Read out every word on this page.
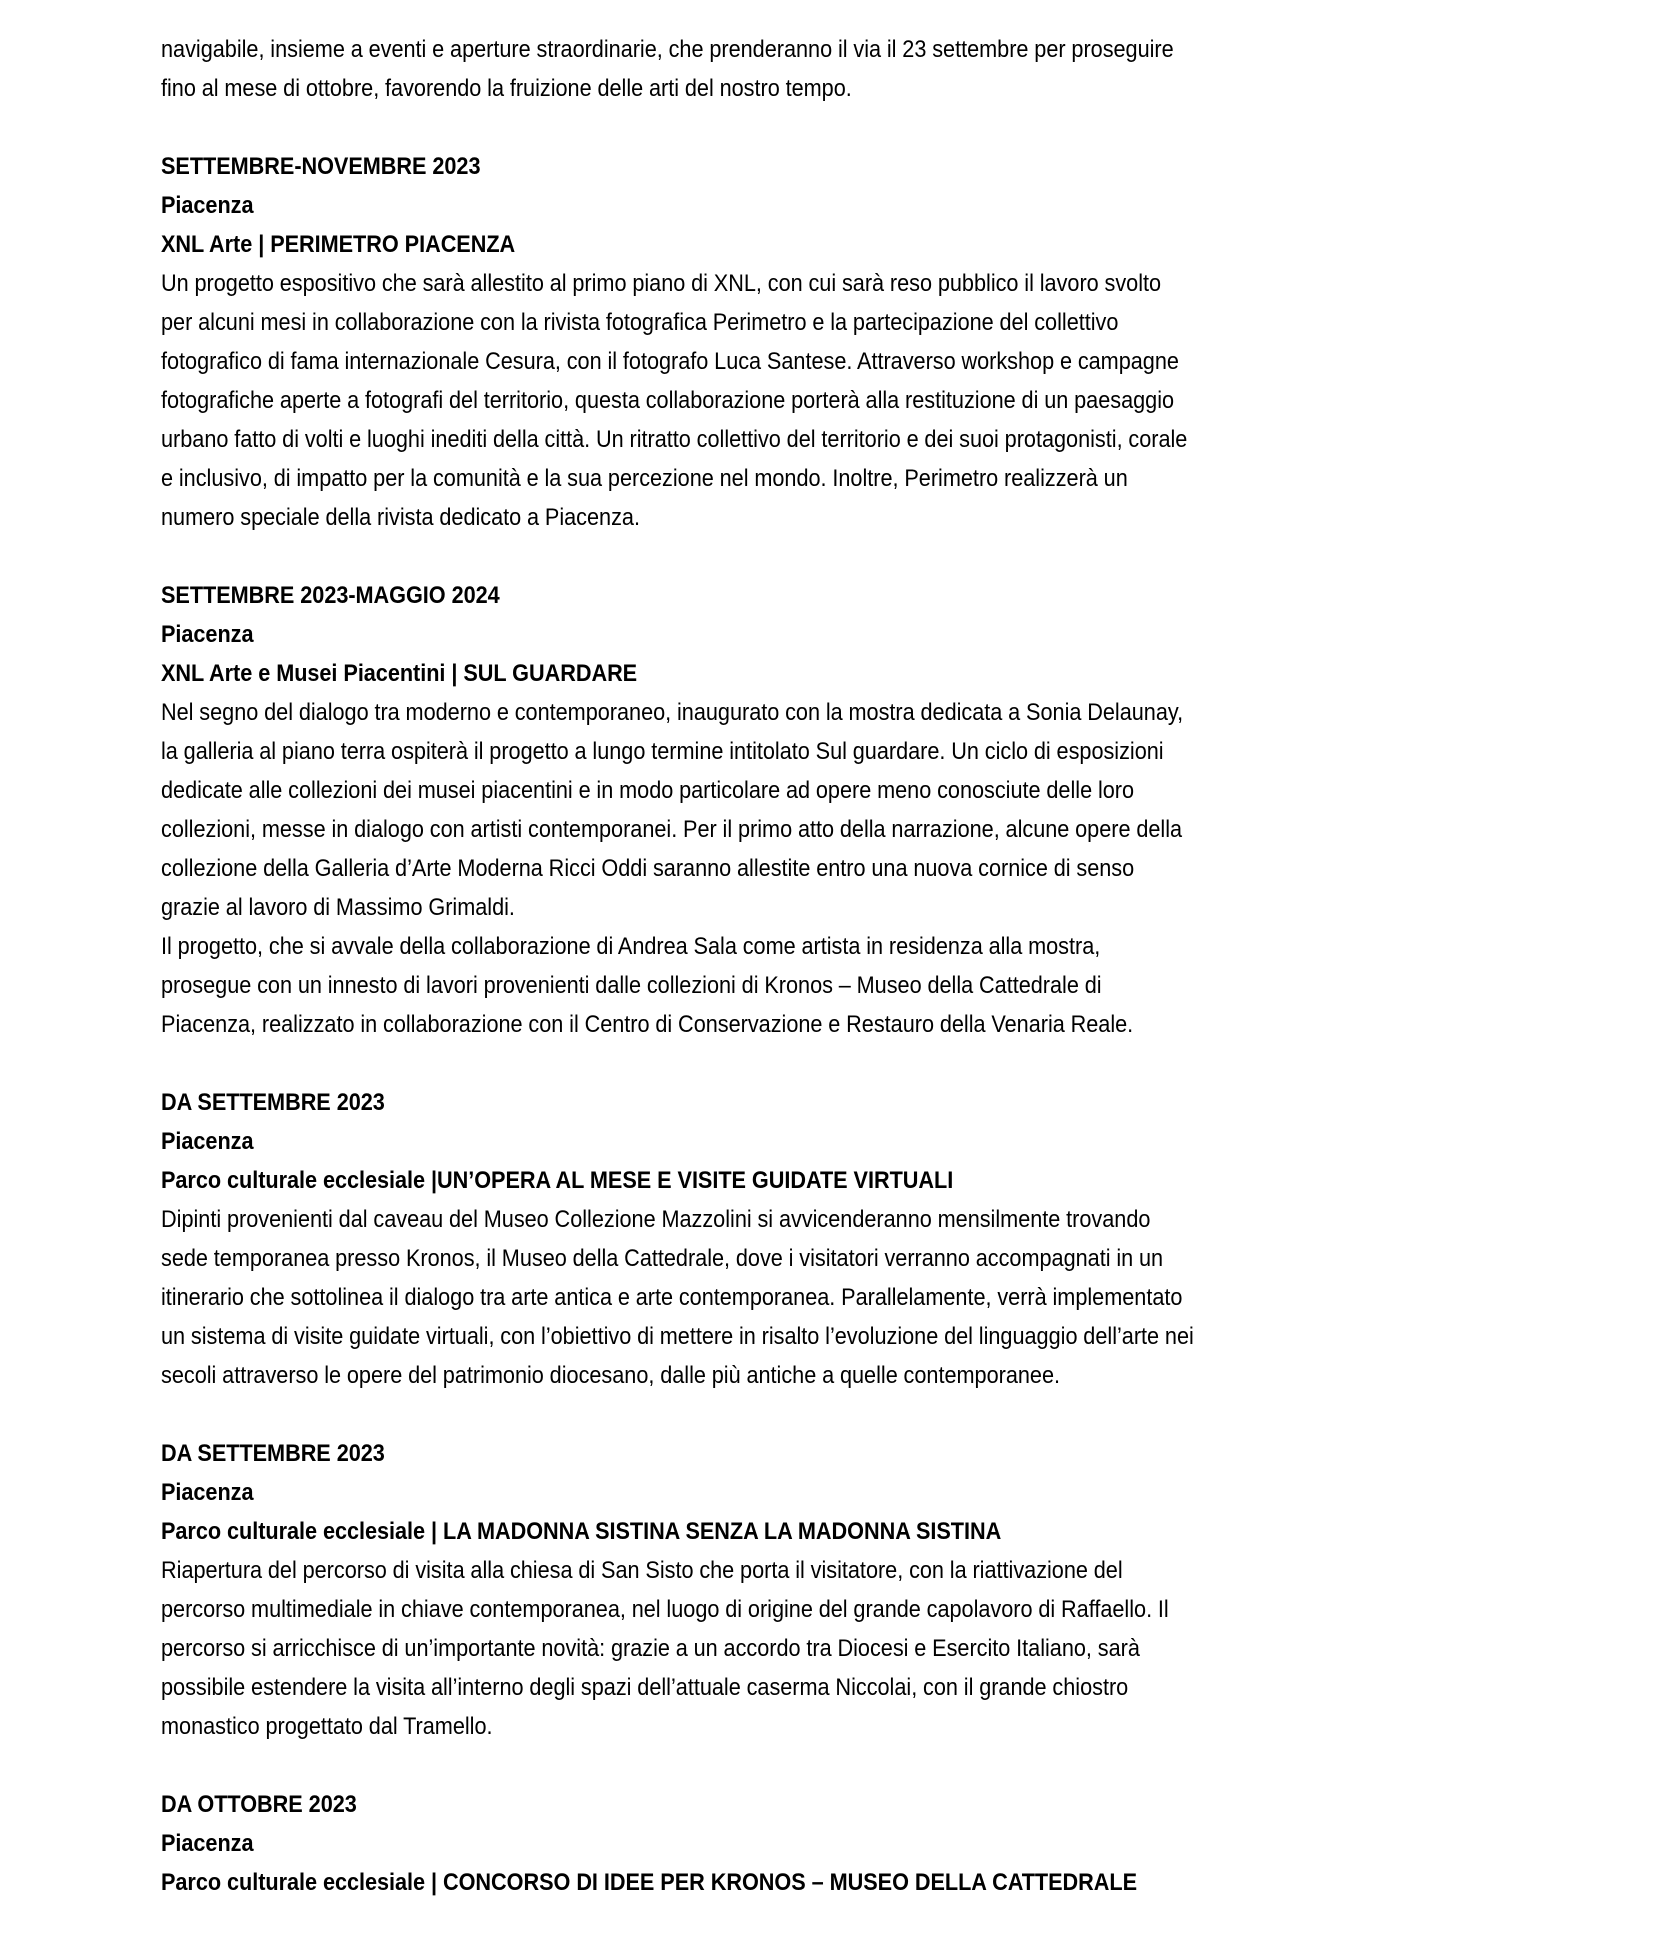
navigabile, insieme a eventi e aperture straordinarie, che prenderanno il via il 23 settembre per proseguire fino al mese di ottobre, favorendo la fruizione delle arti del nostro tempo.

SETTEMBRE-NOVEMBRE 2023

Piacenza

XNL Arte | PERIMETRO PIACENZA

Un progetto espositivo che sarà allestito al primo piano di XNL, con cui sarà reso pubblico il lavoro svolto per alcuni mesi in collaborazione con la rivista fotografica Perimetro e la partecipazione del collettivo fotografico di fama internazionale Cesura, con il fotografo Luca Santese. Attraverso workshop e campagne fotografiche aperte a fotografi del territorio, questa collaborazione porterà alla restituzione di un paesaggio urbano fatto di volti e luoghi inediti della città. Un ritratto collettivo del territorio e dei suoi protagonisti, corale e inclusivo, di impatto per la comunità e la sua percezione nel mondo. Inoltre, Perimetro realizzerà un numero speciale della rivista dedicato a Piacenza.

SETTEMBRE 2023-MAGGIO 2024

Piacenza

XNL Arte e Musei Piacentini | SUL GUARDARE

Nel segno del dialogo tra moderno e contemporaneo, inaugurato con la mostra dedicata a Sonia Delaunay, la galleria al piano terra ospiterà il progetto a lungo termine intitolato Sul guardare. Un ciclo di esposizioni dedicate alle collezioni dei musei piacentini e in modo particolare ad opere meno conosciute delle loro collezioni, messe in dialogo con artisti contemporanei. Per il primo atto della narrazione, alcune opere della collezione della Galleria d’Arte Moderna Ricci Oddi saranno allestite entro una nuova cornice di senso grazie al lavoro di Massimo Grimaldi.

Il progetto, che si avvale della collaborazione di Andrea Sala come artista in residenza alla mostra, prosegue con un innesto di lavori provenienti dalle collezioni di Kronos – Museo della Cattedrale di Piacenza, realizzato in collaborazione con il Centro di Conservazione e Restauro della Venaria Reale.

DA SETTEMBRE 2023

Piacenza

Parco culturale ecclesiale |UN’OPERA AL MESE E VISITE GUIDATE VIRTUALI

Dipinti provenienti dal caveau del Museo Collezione Mazzolini si avvicenderanno mensilmente trovando sede temporanea presso Kronos, il Museo della Cattedrale, dove i visitatori verranno accompagnati in un itinerario che sottolinea il dialogo tra arte antica e arte contemporanea. Parallelamente, verrà implementato un sistema di visite guidate virtuali, con l’obiettivo di mettere in risalto l’evoluzione del linguaggio dell’arte nei secoli attraverso le opere del patrimonio diocesano, dalle più antiche a quelle contemporanee.

DA SETTEMBRE 2023

Piacenza

Parco culturale ecclesiale | LA MADONNA SISTINA SENZA LA MADONNA SISTINA

Riapertura del percorso di visita alla chiesa di San Sisto che porta il visitatore, con la riattivazione del percorso multimediale in chiave contemporanea, nel luogo di origine del grande capolavoro di Raffaello. Il percorso si arricchisce di un’importante novità: grazie a un accordo tra Diocesi e Esercito Italiano, sarà possibile estendere la visita all’interno degli spazi dell’attuale caserma Niccolai, con il grande chiostro monastico progettato dal Tramello.

DA OTTOBRE 2023

Piacenza

Parco culturale ecclesiale | CONCORSO DI IDEE PER KRONOS – MUSEO DELLA CATTEDRALE
